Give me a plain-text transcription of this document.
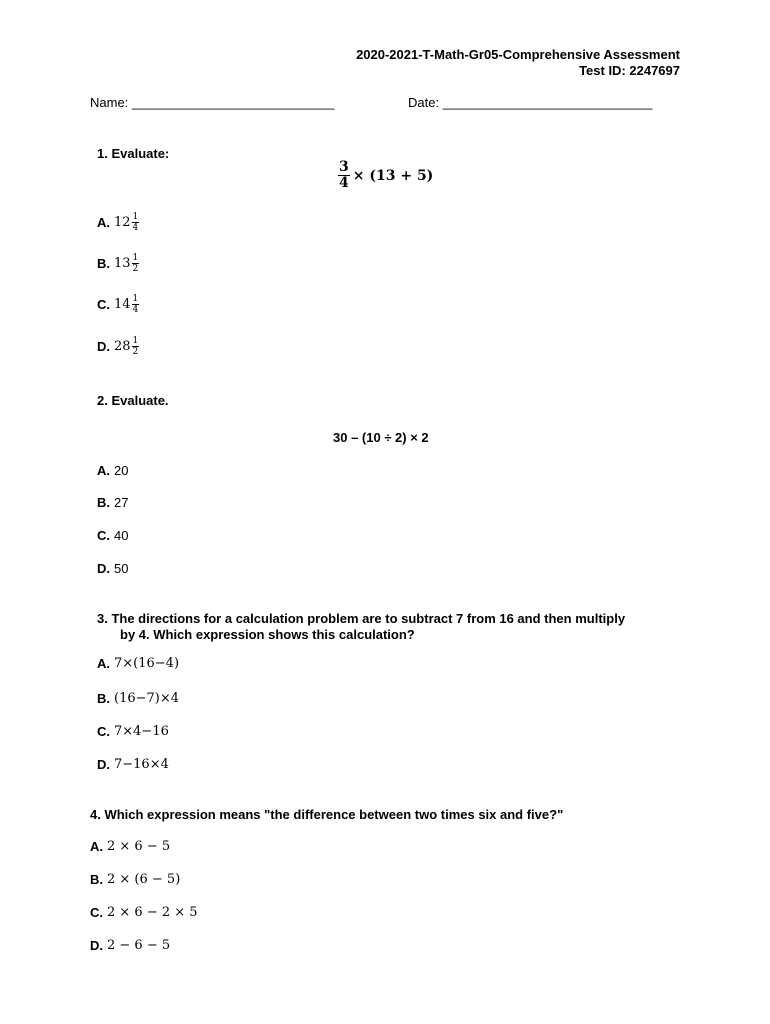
2020-2021-T-Math-Gr05-Comprehensive Assessment
Test ID: 2247697
Name: ____________________________	Date: _____________________________
1. Evaluate:
$\frac{3}{4} \times (13 + 5)$
A. $12 \frac{1}{4}$
B. $13 \frac{1}{2}$
C. $14 \frac{1}{4}$
D. $28 \frac{1}{2}$
2. Evaluate.
30 – (10 ÷ 2) × 2
A. 20
B. 27
C. 40
D. 50
3. The directions for a calculation problem are to subtract 7 from 16 and then multiply
by 4. Which expression shows this calculation?
A. 7×(16−4)
B. (16−7)×4
C. 7×4−16
D. 7−16×4
4. Which expression means "the difference between two times six and five?"
A. 2 × 6 − 5
B. 2 × (6 − 5)
C. 2 × 6 − 2 × 5
D. 2 − 6 − 5
